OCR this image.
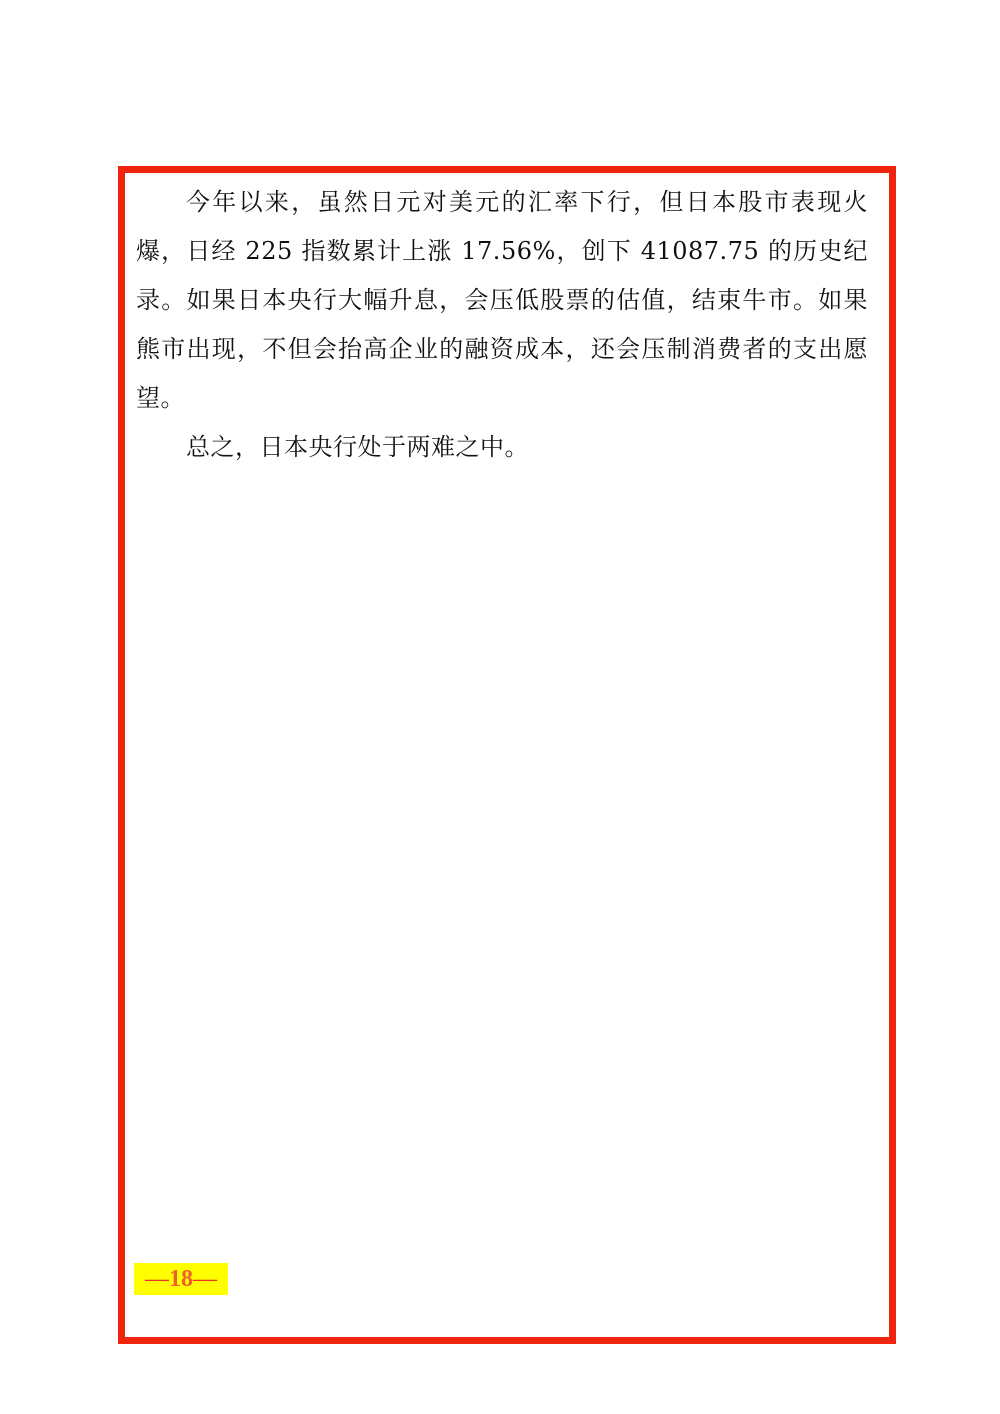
今年以来，虽然日元对美元的汇率下行，但日本股市表现火爆，日经 225 指数累计上涨 17.56%，创下 41087.75 的历史纪录。如果日本央行大幅升息，会压低股票的估值，结束牛市。如果熊市出现，不但会抬高企业的融资成本，还会压制消费者的支出愿望。

总之，日本央行处于两难之中。

—18—
